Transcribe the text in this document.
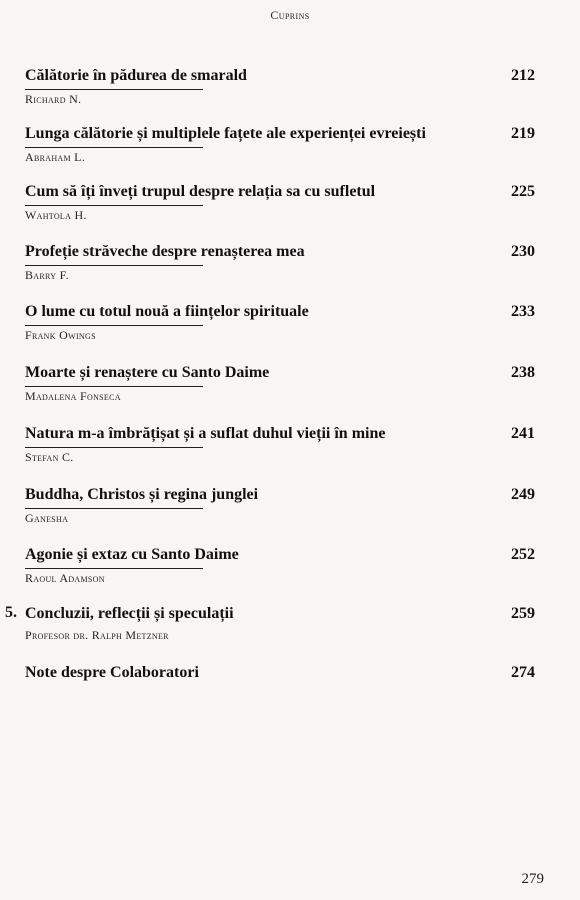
Cuprins
Călătorie în pădurea de smarald	212
Richard N.
Lunga călătorie și multiplele fațete ale experienței evreiești	219
Abraham L.
Cum să îți înveți trupul despre relația sa cu sufletul	225
Wahtola H.
Profeție străveche despre renașterea mea	230
Barry F.
O lume cu totul nouă a ființelor spirituale	233
Frank Owings
Moarte și renaștere cu Santo Daime	238
Madalena Fonseca
Natura m-a îmbrățișat și a suflat duhul vieții în mine	241
Stefan C.
Buddha, Christos și regina junglei	249
Ganesha
Agonie și extaz cu Santo Daime	252
Raoul Adamson
5. Concluzii, reflecții și speculații	259
Profesor dr. Ralph Metzner
Note despre Colaboratori	274
279
